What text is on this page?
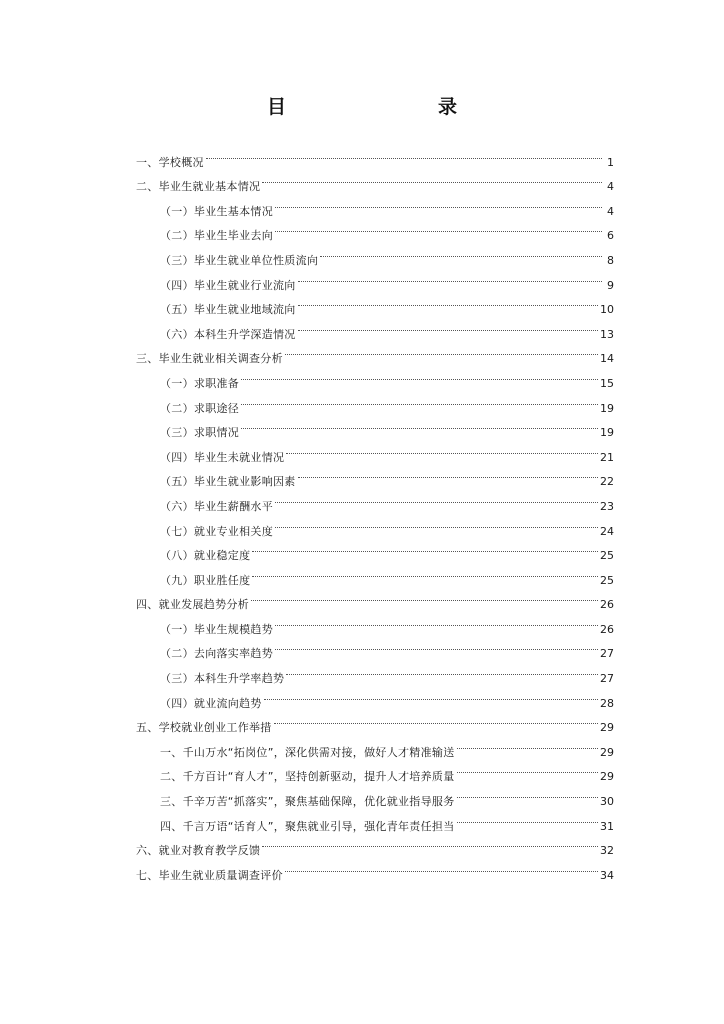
目　　录
一、学校概况	1
二、毕业生就业基本情况	4
（一）毕业生基本情况	4
（二）毕业生毕业去向	6
（三）毕业生就业单位性质流向	8
（四）毕业生就业行业流向	9
（五）毕业生就业地域流向	10
（六）本科生升学深造情况	13
三、毕业生就业相关调查分析	14
（一）求职准备	15
（二）求职途径	19
（三）求职情况	19
（四）毕业生未就业情况	21
（五）毕业生就业影响因素	22
（六）毕业生薪酬水平	23
（七）就业专业相关度	24
（八）就业稳定度	25
（九）职业胜任度	25
四、就业发展趋势分析	26
（一）毕业生规模趋势	26
（二）去向落实率趋势	27
（三）本科生升学率趋势	27
（四）就业流向趋势	28
五、学校就业创业工作举措	29
一、千山万水“拓岗位”，深化供需对接，做好人才精准输送	29
二、千方百计“育人才”，坚持创新驱动，提升人才培养质量	29
三、千辛万苦“抓落实”，聚焦基础保障，优化就业指导服务	30
四、千言万语“话育人”，聚焦就业引导，强化青年责任担当	31
六、就业对教育教学反馈	32
七、毕业生就业质量调查评价	34
